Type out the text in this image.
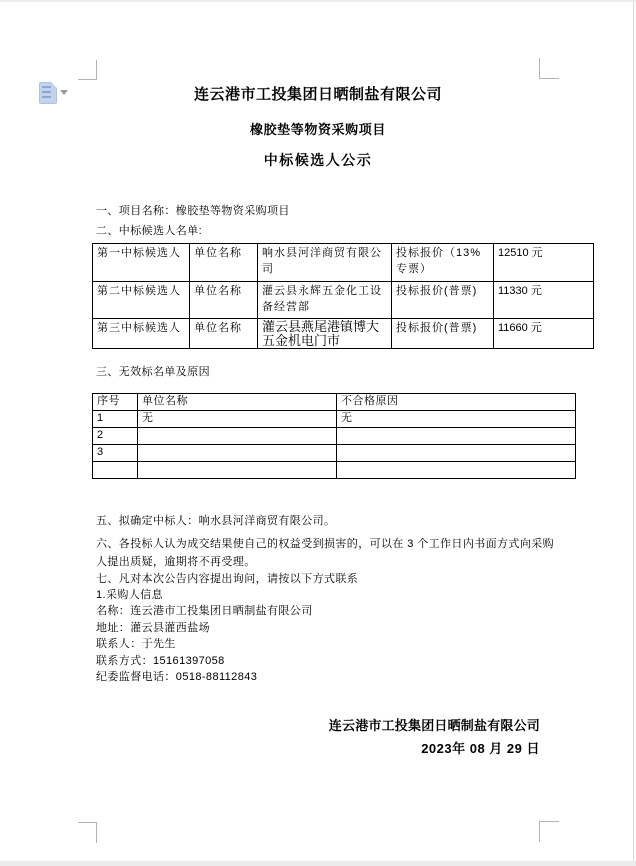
连云港市工投集团日晒制盐有限公司
橡胶垫等物资采购项目
中标候选人公示
一、项目名称：橡胶垫等物资采购项目
二、中标候选人名单:
第一中标候选人	单位名称	响水县河洋商贸有限公司	投标报价（13%专票）	12510 元
第二中标候选人	单位名称	灌云县永辉五金化工设备经营部	投标报价(普票)	11330 元
第三中标候选人	单位名称	灌云县燕尾港镇博大五金机电门市	投标报价(普票)	11660 元
三、无效标名单及原因
序号	单位名称	不合格原因
1	无	无
2		
3		

五、拟确定中标人：响水县河洋商贸有限公司。
六、各投标人认为成交结果使自己的权益受到损害的，可以在 3 个工作日内书面方式向采购
人提出质疑，逾期将不再受理。
七、凡对本次公告内容提出询问，请按以下方式联系
1.采购人信息
名称：连云港市工投集团日晒制盐有限公司
地址：灌云县灌西盐场
联系人：于先生
联系方式：15161397058
纪委监督电话：0518-88112843
连云港市工投集团日晒制盐有限公司
2023年 08 月 29 日
